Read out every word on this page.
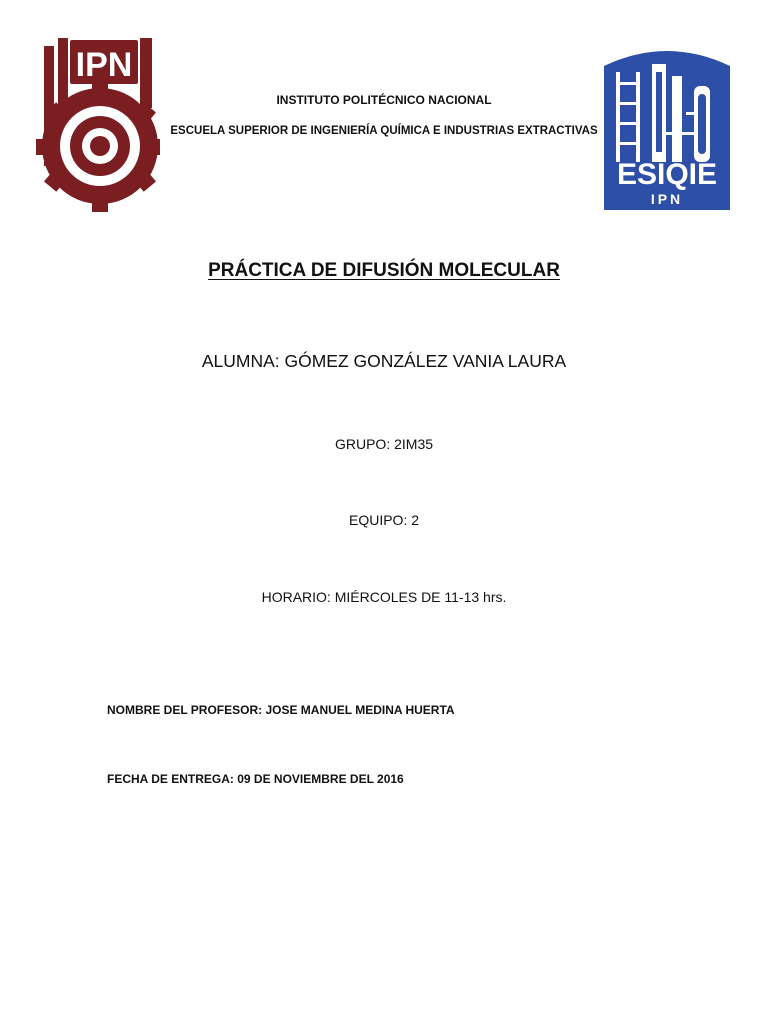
IPN
ESIQIE
IPN
INSTITUTO POLITÉCNICO NACIONAL
ESCUELA SUPERIOR DE INGENIERÍA QUÍMICA E INDUSTRIAS EXTRACTIVAS
PRÁCTICA DE DIFUSIÓN MOLECULAR
ALUMNA: GÓMEZ GONZÁLEZ VANIA LAURA
GRUPO: 2IM35
EQUIPO: 2
HORARIO: MIÉRCOLES DE 11-13 hrs.
NOMBRE DEL PROFESOR: JOSE MANUEL MEDINA HUERTA
FECHA DE ENTREGA: 09 DE NOVIEMBRE DEL 2016
